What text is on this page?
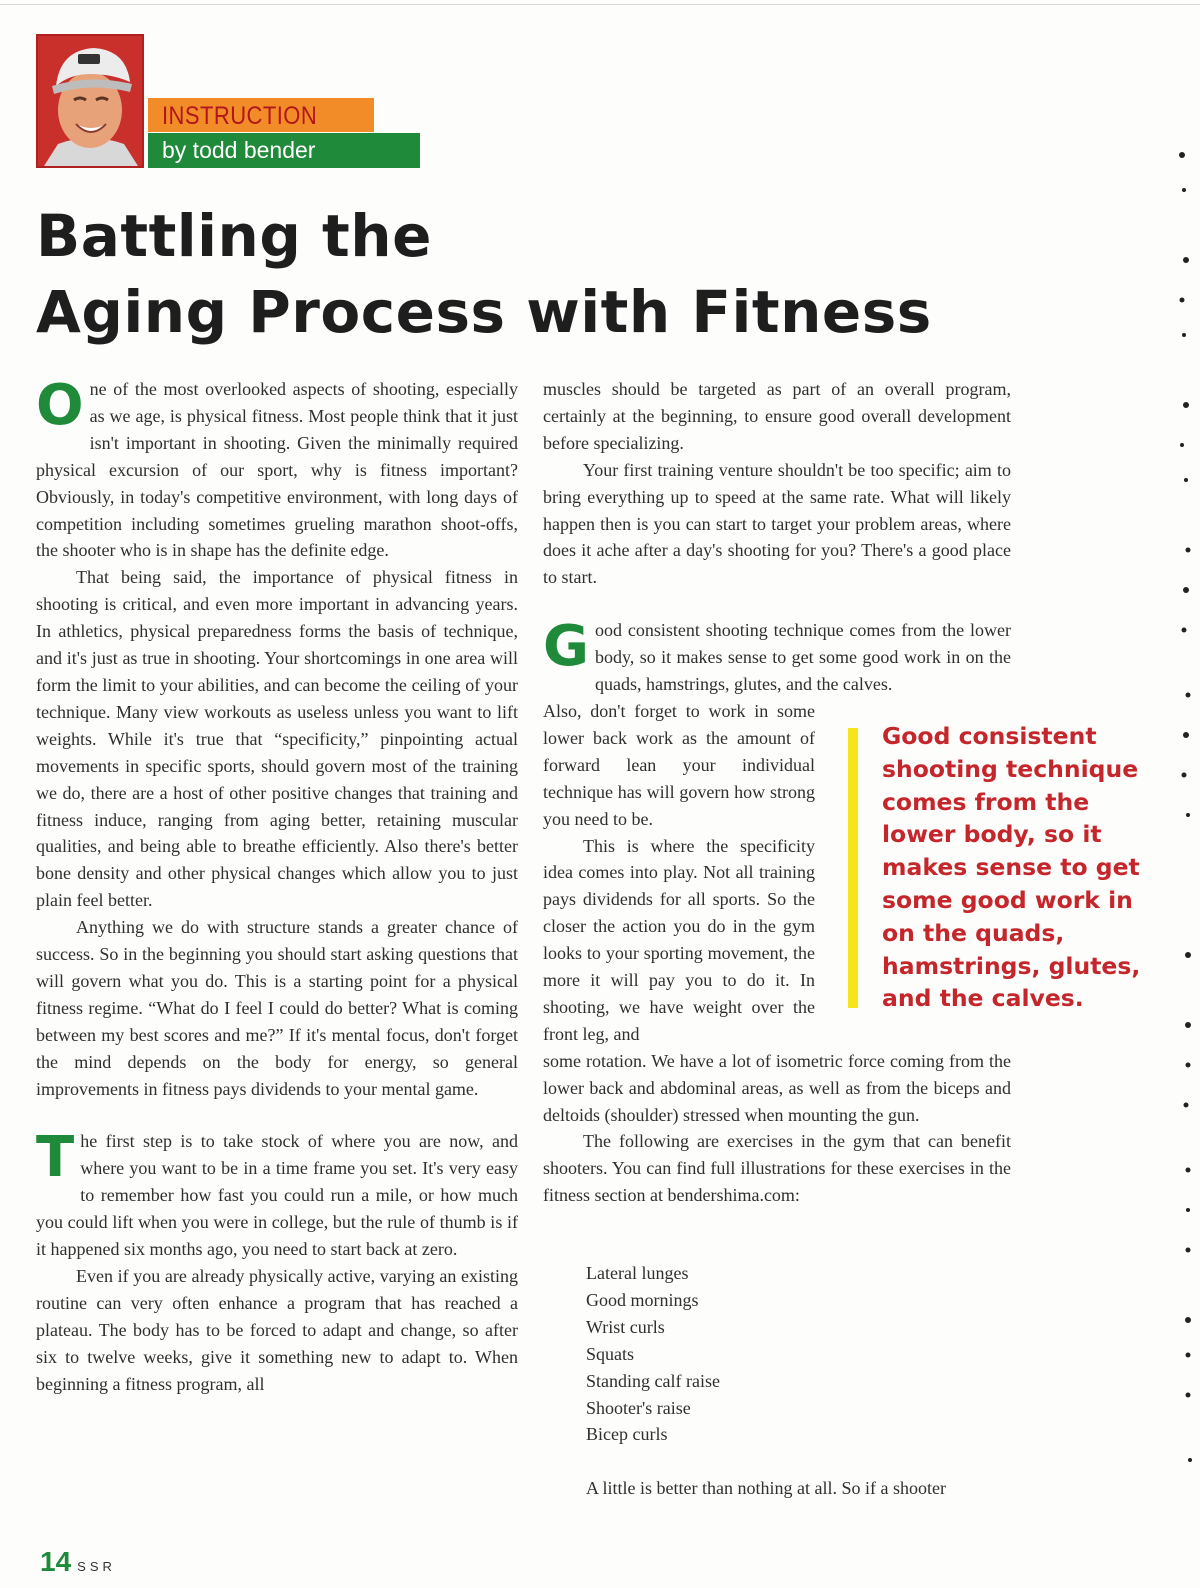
INSTRUCTION
by todd bender
Battling the
Aging Process with Fitness

One of the most overlooked aspects of shooting, especially as we age, is physical fitness. Most people think that it just isn't important in shooting. Given the minimally required physical excursion of our sport, why is fitness important? Obviously, in today's competitive environment, with long days of competition including sometimes grueling marathon shoot-offs, the shooter who is in shape has the definite edge.

That being said, the importance of physical fitness in shooting is critical, and even more important in advancing years. In athletics, physical preparedness forms the basis of technique, and it's just as true in shooting. Your shortcomings in one area will form the limit to your abilities, and can become the ceiling of your technique. Many view workouts as useless unless you want to lift weights. While it's true that “specificity,” pinpointing actual movements in specific sports, should govern most of the training we do, there are a host of other positive changes that training and fitness induce, ranging from aging better, retaining muscular qualities, and being able to breathe efficiently. Also there's better bone density and other physical changes which allow you to just plain feel better.

Anything we do with structure stands a greater chance of success. So in the beginning you should start asking questions that will govern what you do. This is a starting point for a physical fitness regime. “What do I feel I could do better? What is coming between my best scores and me?” If it's mental focus, don't forget the mind depends on the body for energy, so general improvements in fitness pays dividends to your mental game.

The first step is to take stock of where you are now, and where you want to be in a time frame you set. It's very easy to remember how fast you could run a mile, or how much you could lift when you were in college, but the rule of thumb is if it happened six months ago, you need to start back at zero.

Even if you are already physically active, varying an existing routine can very often enhance a program that has reached a plateau. The body has to be forced to adapt and change, so after six to twelve weeks, give it something new to adapt to. When beginning a fitness program, all

muscles should be targeted as part of an overall program, certainly at the beginning, to ensure good overall development before specializing.

Your first training venture shouldn't be too specific; aim to bring everything up to speed at the same rate. What will likely happen then is you can start to target your problem areas, where does it ache after a day's shooting for you? There's a good place to start.

Good consistent shooting technique comes from the lower body, so it makes sense to get some good work in on the quads, hamstrings, glutes, and the calves.

Also, don't forget to work in some lower back work as the amount of forward lean your individual technique has will govern how strong you need to be.

This is where the specificity idea comes into play. Not all training pays dividends for all sports. So the closer the action you do in the gym looks to your sporting movement, the more it will pay you to do it. In shooting, we have weight over the front leg, and

some rotation. We have a lot of isometric force coming from the lower back and abdominal areas, as well as from the biceps and deltoids (shoulder) stressed when mounting the gun.

The following are exercises in the gym that can benefit shooters. You can find full illustrations for these exercises in the fitness section at bendershima.com:

Good consistent shooting technique comes from the lower body, so it makes sense to get some good work in on the quads, hamstrings, glutes, and the calves.
Lateral lunges
Good mornings
Wrist curls
Squats
Standing calf raise
Shooter's raise
Bicep curls
A little is better than nothing at all. So if a shooter
14 SSR
